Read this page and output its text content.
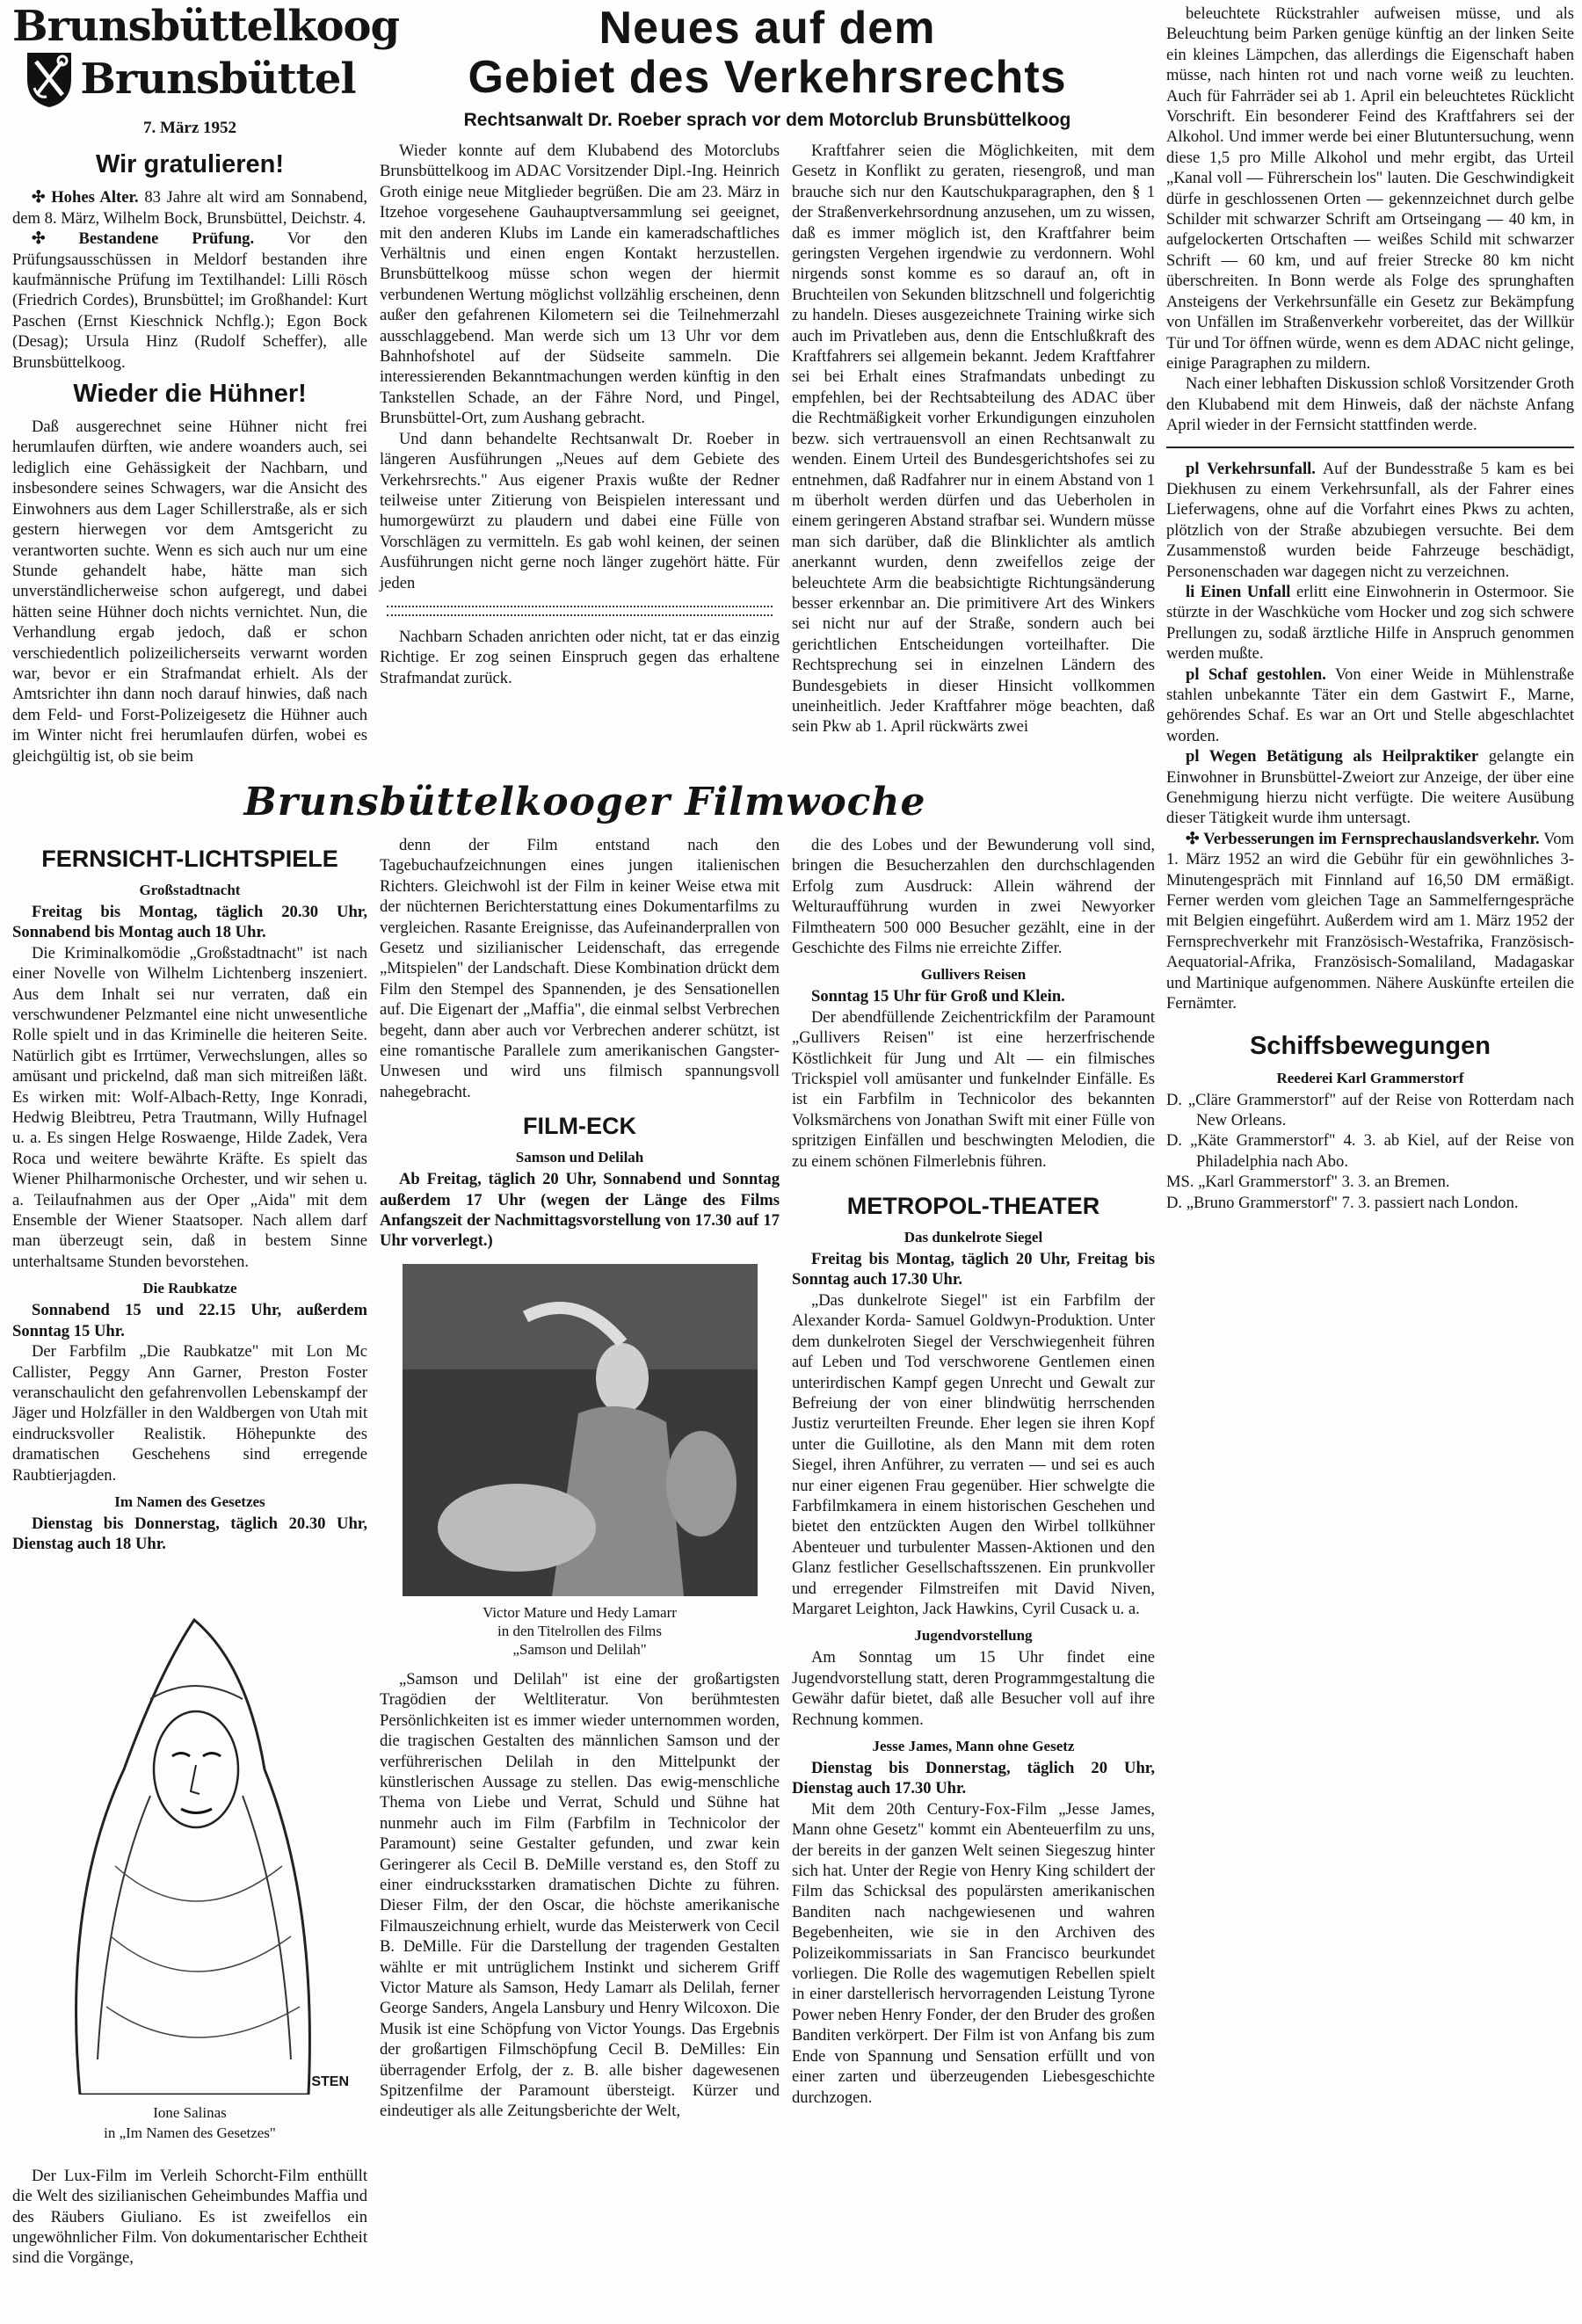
Brunsbüttelkoog
Brunsbüttel
7. März 1952
Wir gratulieren!

✣ Hohes Alter. 83 Jahre alt wird am Sonnabend, dem 8. März, Wilhelm Bock, Brunsbüttel, Deichstr. 4.

✣ Bestandene Prüfung. Vor den Prüfungsausschüssen in Meldorf bestanden ihre kaufmännische Prüfung im Textilhandel: Lilli Rösch (Friedrich Cordes), Brunsbüttel; im Großhandel: Kurt Paschen (Ernst Kieschnick Nchflg.); Egon Bock (Desag); Ursula Hinz (Rudolf Scheffer), alle Brunsbüttelkoog.

Wieder die Hühner!

Daß ausgerechnet seine Hühner nicht frei herumlaufen dürften, wie andere woanders auch, sei lediglich eine Gehässigkeit der Nachbarn, und insbesondere seines Schwagers, war die Ansicht des Einwohners aus dem Lager Schillerstraße, als er sich gestern hierwegen vor dem Amtsgericht zu verantworten suchte. Wenn es sich auch nur um eine Stunde gehandelt habe, hätte man sich unverständlicherweise schon aufgeregt, und dabei hätten seine Hühner doch nichts vernichtet. Nun, die Verhandlung ergab jedoch, daß er schon verschiedentlich polizeilicherseits verwarnt worden war, bevor er ein Strafmandat erhielt. Als der Amtsrichter ihn dann noch darauf hinwies, daß nach dem Feld- und Forst-Polizeigesetz die Hühner auch im Winter nicht frei herumlaufen dürfen, wobei es gleichgültig ist, ob sie beim

Neues auf dem
Gebiet des Verkehrsrechts
Rechtsanwalt Dr. Roeber sprach vor dem Motorclub Brunsbüttelkoog

Wieder konnte auf dem Klubabend des Motorclubs Brunsbüttelkoog im ADAC Vorsitzender Dipl.-Ing. Heinrich Groth einige neue Mitglieder begrüßen. Die am 23. März in Itzehoe vorgesehene Gauhauptversammlung sei geeignet, mit den anderen Klubs im Lande ein kameradschaftliches Verhältnis und einen engen Kontakt herzustellen. Brunsbüttelkoog müsse schon wegen der hiermit verbundenen Wertung möglichst vollzählig erscheinen, denn außer den gefahrenen Kilometern sei die Teilnehmerzahl ausschlaggebend. Man werde sich um 13 Uhr vor dem Bahnhofshotel auf der Südseite sammeln. Die interessierenden Bekanntmachungen werden künftig in den Tankstellen Schade, an der Fähre Nord, und Pingel, Brunsbüttel-Ort, zum Aushang gebracht.

Und dann behandelte Rechtsanwalt Dr. Roeber in längeren Ausführungen „Neues auf dem Gebiete des Verkehrsrechts." Aus eigener Praxis wußte der Redner teilweise unter Zitierung von Beispielen interessant und humorgewürzt zu plaudern und dabei eine Fülle von Vorschlägen zu vermitteln. Es gab wohl keinen, der seinen Ausführungen nicht gerne noch länger zugehört hätte. Für jeden

Nachbarn Schaden anrichten oder nicht, tat er das einzig Richtige. Er zog seinen Einspruch gegen das erhaltene Strafmandat zurück.

Kraftfahrer seien die Möglichkeiten, mit dem Gesetz in Konflikt zu geraten, riesengroß, und man brauche sich nur den Kautschukparagraphen, den § 1 der Straßenverkehrsordnung anzusehen, um zu wissen, daß es immer möglich ist, den Kraftfahrer beim geringsten Vergehen irgendwie zu verdonnern. Wohl nirgends sonst komme es so darauf an, oft in Bruchteilen von Sekunden blitzschnell und folgerichtig zu handeln. Dieses ausgezeichnete Training wirke sich auch im Privatleben aus, denn die Entschlußkraft des Kraftfahrers sei allgemein bekannt. Jedem Kraftfahrer sei bei Erhalt eines Strafmandats unbedingt zu empfehlen, bei der Rechtsabteilung des ADAC über die Rechtmäßigkeit vorher Erkundigungen einzuholen bezw. sich vertrauensvoll an einen Rechtsanwalt zu wenden. Einem Urteil des Bundesgerichtshofes sei zu entnehmen, daß Radfahrer nur in einem Abstand von 1 m überholt werden dürfen und das Ueberholen in einem geringeren Abstand strafbar sei. Wundern müsse man sich darüber, daß die Blinklichter als amtlich anerkannt wurden, denn zweifellos zeige der beleuchtete Arm die beabsichtigte Richtungsänderung besser erkennbar an. Die primitivere Art des Winkers sei nicht nur auf der Straße, sondern auch bei gerichtlichen Entscheidungen vorteilhafter. Die Rechtsprechung sei in einzelnen Ländern des Bundesgebiets in dieser Hinsicht vollkommen uneinheitlich. Jeder Kraftfahrer möge beachten, daß sein Pkw ab 1. April rückwärts zwei

Brunsbüttelkooger Filmwoche
FERNSICHT-LICHTSPIELE
Großstadtnacht

Freitag bis Montag, täglich 20.30 Uhr, Sonnabend bis Montag auch 18 Uhr.

Die Kriminalkomödie „Großstadtnacht" ist nach einer Novelle von Wilhelm Lichtenberg inszeniert. Aus dem Inhalt sei nur verraten, daß ein verschwundener Pelzmantel eine nicht unwesentliche Rolle spielt und in das Kriminelle die heiteren Seite. Natürlich gibt es Irrtümer, Verwechslungen, alles so amüsant und prickelnd, daß man sich mitreißen läßt. Es wirken mit: Wolf-Albach-Retty, Inge Konradi, Hedwig Bleibtreu, Petra Trautmann, Willy Hufnagel u. a. Es singen Helge Roswaenge, Hilde Zadek, Vera Roca und weitere bewährte Kräfte. Es spielt das Wiener Philharmonische Orchester, und wir sehen u. a. Teilaufnahmen aus der Oper „Aida" mit dem Ensemble der Wiener Staatsoper. Nach allem darf man überzeugt sein, daß in bestem Sinne unterhaltsame Stunden bevorstehen.

Die Raubkatze

Sonnabend 15 und 22.15 Uhr, außerdem Sonntag 15 Uhr.

Der Farbfilm „Die Raubkatze" mit Lon Mc Callister, Peggy Ann Garner, Preston Foster veranschaulicht den gefahrenvollen Lebenskampf der Jäger und Holzfäller in den Waldbergen von Utah mit eindrucksvoller Realistik. Höhepunkte des dramatischen Geschehens sind erregende Raubtierjagden.

Im Namen des Gesetzes

Dienstag bis Donnerstag, täglich 20.30 Uhr, Dienstag auch 18 Uhr.

STEN
Ione Salinas
in „Im Namen des Gesetzes"

Der Lux-Film im Verleih Schorcht-Film enthüllt die Welt des sizilianischen Geheimbundes Maffia und des Räubers Giuliano. Es ist zweifellos ein ungewöhnlicher Film. Von dokumentarischer Echtheit sind die Vorgänge,

denn der Film entstand nach den Tagebuchaufzeichnungen eines jungen italienischen Richters. Gleichwohl ist der Film in keiner Weise etwa mit der nüchternen Berichterstattung eines Dokumentarfilms zu vergleichen. Rasante Ereignisse, das Aufeinanderprallen von Gesetz und sizilianischer Leidenschaft, das erregende „Mitspielen" der Landschaft. Diese Kombination drückt dem Film den Stempel des Spannenden, je des Sensationellen auf. Die Eigenart der „Maffia", die einmal selbst Verbrechen begeht, dann aber auch vor Verbrechen anderer schützt, ist eine romantische Parallele zum amerikanischen Gangster-Unwesen und wird uns filmisch spannungsvoll nahegebracht.

FILM-ECK
Samson und Delilah

Ab Freitag, täglich 20 Uhr, Sonnabend und Sonntag außerdem 17 Uhr (wegen der Länge des Films Anfangszeit der Nachmittagsvorstellung von 17.30 auf 17 Uhr vorverlegt.)

Victor Mature und Hedy Lamarr
in den Titelrollen des Films
„Samson und Delilah"

„Samson und Delilah" ist eine der großartigsten Tragödien der Weltliteratur. Von berühmtesten Persönlichkeiten ist es immer wieder unternommen worden, die tragischen Gestalten des männlichen Samson und der verführerischen Delilah in den Mittelpunkt der künstlerischen Aussage zu stellen. Das ewig-menschliche Thema von Liebe und Verrat, Schuld und Sühne hat nunmehr auch im Film (Farbfilm in Technicolor der Paramount) seine Gestalter gefunden, und zwar kein Geringerer als Cecil B. DeMille verstand es, den Stoff zu einer eindrucksstarken dramatischen Dichte zu führen. Dieser Film, der den Oscar, die höchste amerikanische Filmauszeichnung erhielt, wurde das Meisterwerk von Cecil B. DeMille. Für die Darstellung der tragenden Gestalten wählte er mit untrüglichem Instinkt und sicherem Griff Victor Mature als Samson, Hedy Lamarr als Delilah, ferner George Sanders, Angela Lansbury und Henry Wilcoxon. Die Musik ist eine Schöpfung von Victor Youngs. Das Ergebnis der großartigen Filmschöpfung Cecil B. DeMilles: Ein überragender Erfolg, der z. B. alle bisher dagewesenen Spitzenfilme der Paramount übersteigt. Kürzer und eindeutiger als alle Zeitungsberichte der Welt,

die des Lobes und der Bewunderung voll sind, bringen die Besucherzahlen den durchschlagenden Erfolg zum Ausdruck: Allein während der Welturaufführung wurden in zwei Newyorker Filmtheatern 500 000 Besucher gezählt, eine in der Geschichte des Films nie erreichte Ziffer.

Gullivers Reisen

Sonntag 15 Uhr für Groß und Klein.

Der abendfüllende Zeichentrickfilm der Paramount „Gullivers Reisen" ist eine herzerfrischende Köstlichkeit für Jung und Alt — ein filmisches Trickspiel voll amüsanter und funkelnder Einfälle. Es ist ein Farbfilm in Technicolor des bekannten Volksmärchens von Jonathan Swift mit einer Fülle von spritzigen Einfällen und beschwingten Melodien, die zu einem schönen Filmerlebnis führen.

METROPOL-THEATER
Das dunkelrote Siegel

Freitag bis Montag, täglich 20 Uhr, Freitag bis Sonntag auch 17.30 Uhr.

„Das dunkelrote Siegel" ist ein Farbfilm der Alexander Korda- Samuel Goldwyn-Produktion. Unter dem dunkelroten Siegel der Verschwiegenheit führen auf Leben und Tod verschworene Gentlemen einen unterirdischen Kampf gegen Unrecht und Gewalt zur Befreiung der von einer blindwütig herrschenden Justiz verurteilten Freunde. Eher legen sie ihren Kopf unter die Guillotine, als den Mann mit dem roten Siegel, ihren Anführer, zu verraten — und sei es auch nur einer eigenen Frau gegenüber. Hier schwelgte die Farbfilmkamera in einem historischen Geschehen und bietet den entzückten Augen den Wirbel tollkühner Abenteuer und turbulenter Massen-Aktionen und den Glanz festlicher Gesellschaftsszenen. Ein prunkvoller und erregender Filmstreifen mit David Niven, Margaret Leighton, Jack Hawkins, Cyril Cusack u. a.

Jugendvorstellung

Am Sonntag um 15 Uhr findet eine Jugendvorstellung statt, deren Programmgestaltung die Gewähr dafür bietet, daß alle Besucher voll auf ihre Rechnung kommen.

Jesse James, Mann ohne Gesetz

Dienstag bis Donnerstag, täglich 20 Uhr, Dienstag auch 17.30 Uhr.

Mit dem 20th Century-Fox-Film „Jesse James, Mann ohne Gesetz" kommt ein Abenteuerfilm zu uns, der bereits in der ganzen Welt seinen Siegeszug hinter sich hat. Unter der Regie von Henry King schildert der Film das Schicksal des populärsten amerikanischen Banditen nach nachgewiesenen und wahren Begebenheiten, wie sie in den Archiven des Polizeikommissariats in San Francisco beurkundet vorliegen. Die Rolle des wagemutigen Rebellen spielt in einer darstellerisch hervorragenden Leistung Tyrone Power neben Henry Fonder, der den Bruder des großen Banditen verkörpert. Der Film ist von Anfang bis zum Ende von Spannung und Sensation erfüllt und von einer zarten und überzeugenden Liebesgeschichte durchzogen.

beleuchtete Rückstrahler aufweisen müsse, und als Beleuchtung beim Parken genüge künftig an der linken Seite ein kleines Lämpchen, das allerdings die Eigenschaft haben müsse, nach hinten rot und nach vorne weiß zu leuchten. Auch für Fahrräder sei ab 1. April ein beleuchtetes Rücklicht Vorschrift. Ein besonderer Feind des Kraftfahrers sei der Alkohol. Und immer werde bei einer Blutuntersuchung, wenn diese 1,5 pro Mille Alkohol und mehr ergibt, das Urteil „Kanal voll — Führerschein los" lauten. Die Geschwindigkeit dürfe in geschlossenen Orten — gekennzeichnet durch gelbe Schilder mit schwarzer Schrift am Ortseingang — 40 km, in aufgelockerten Ortschaften — weißes Schild mit schwarzer Schrift — 60 km, und auf freier Strecke 80 km nicht überschreiten. In Bonn werde als Folge des sprunghaften Ansteigens der Verkehrsunfälle ein Gesetz zur Bekämpfung von Unfällen im Straßenverkehr vorbereitet, das der Willkür Tür und Tor öffnen würde, wenn es dem ADAC nicht gelinge, einige Paragraphen zu mildern.

Nach einer lebhaften Diskussion schloß Vorsitzender Groth den Klubabend mit dem Hinweis, daß der nächste Anfang April wieder in der Fernsicht stattfinden werde.

pl Verkehrsunfall. Auf der Bundesstraße 5 kam es bei Diekhusen zu einem Verkehrsunfall, als der Fahrer eines Lieferwagens, ohne auf die Vorfahrt eines Pkws zu achten, plötzlich von der Straße abzubiegen versuchte. Bei dem Zusammenstoß wurden beide Fahrzeuge beschädigt, Personenschaden war dagegen nicht zu verzeichnen.

li Einen Unfall erlitt eine Einwohnerin in Ostermoor. Sie stürzte in der Waschküche vom Hocker und zog sich schwere Prellungen zu, sodaß ärztliche Hilfe in Anspruch genommen werden mußte.

pl Schaf gestohlen. Von einer Weide in Mühlenstraße stahlen unbekannte Täter ein dem Gastwirt F., Marne, gehörendes Schaf. Es war an Ort und Stelle abgeschlachtet worden.

pl Wegen Betätigung als Heilpraktiker gelangte ein Einwohner in Brunsbüttel-Zweiort zur Anzeige, der über eine Genehmigung hierzu nicht verfügte. Die weitere Ausübung dieser Tätigkeit wurde ihm untersagt.

✣ Verbesserungen im Fernsprechauslandsverkehr. Vom 1. März 1952 an wird die Gebühr für ein gewöhnliches 3-Minutengespräch mit Finnland auf 16,50 DM ermäßigt. Ferner werden vom gleichen Tage an Sammelferngespräche mit Belgien eingeführt. Außerdem wird am 1. März 1952 der Fernsprechverkehr mit Französisch-Westafrika, Französisch-Aequatorial-Afrika, Französisch-Somaliland, Madagaskar und Martinique aufgenommen. Nähere Auskünfte erteilen die Fernämter.

Schiffsbewegungen
Reederei Karl Grammerstorf

D. „Cläre Grammerstorf" auf der Reise von Rotterdam nach New Orleans.

D. „Käte Grammerstorf" 4. 3. ab Kiel, auf der Reise von Philadelphia nach Abo.

MS. „Karl Grammerstorf" 3. 3. an Bremen.

D. „Bruno Grammerstorf" 7. 3. passiert nach London.
